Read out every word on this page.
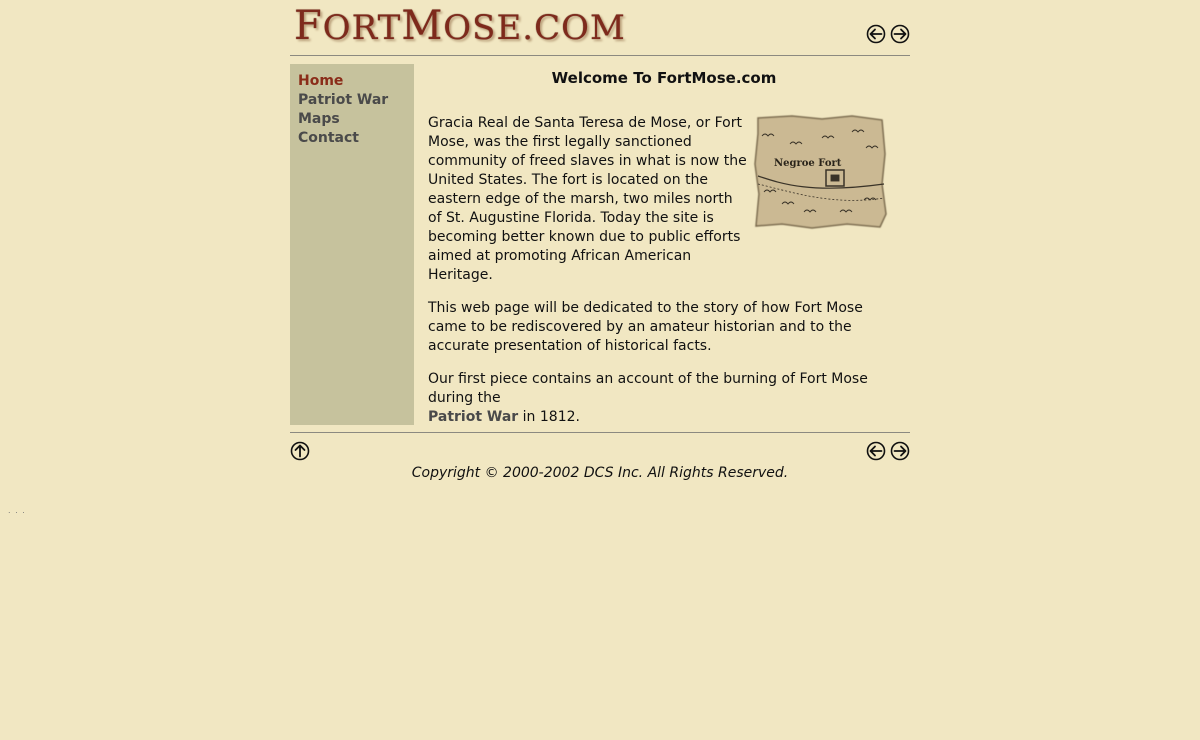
FORTMOSE.COM
Home
Patriot War
Maps
Contact
Welcome To FortMose.com

Gracia Real de Santa Teresa de Mose, or Fort Mose, was the first legally sanctioned community of freed slaves in what is now the United States. The fort is located on the eastern edge of the marsh, two miles north of St. Augustine Florida. Today the site is becoming better known due to public efforts aimed at promoting African American Heritage.

Negroe Fort

This web page will be dedicated to the story of how Fort Mose came to be rediscovered by an amateur historian and to the accurate presentation of historical facts.

Our first piece contains an account of the burning of Fort Mose during the
Patriot War in 1812.

Copyright © 2000-2002 DCS Inc. All Rights Reserved.
. . .
